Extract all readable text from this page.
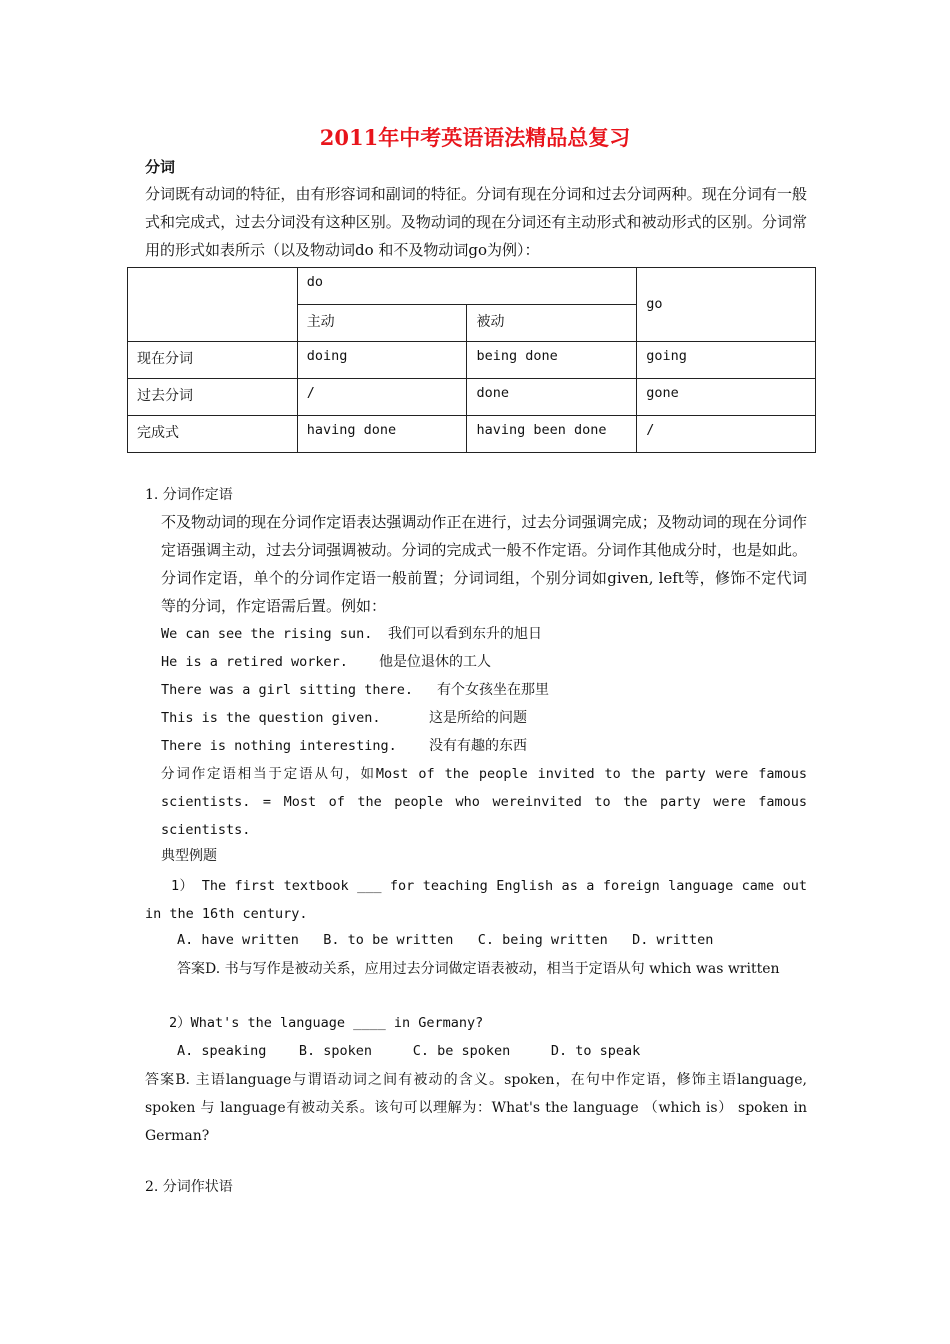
2011年中考英语语法精品总复习
分词
分词既有动词的特征，由有形容词和副词的特征。分词有现在分词和过去分词两种。现在分词有一般式和完成式，过去分词没有这种区别。及物动词的现在分词还有主动形式和被动形式的区别。分词常用的形式如表所示（以及物动词do 和不及物动词go为例）：
	do		go
	主动	被动	
现在分词	doing	being done	going
过去分词	/	done	gone
完成式	having done	having been done	/
1. 分词作定语
不及物动词的现在分词作定语表达强调动作正在进行，过去分词强调完成；及物动词的现在分词作定语强调主动，过去分词强调被动。分词的完成式一般不作定语。分词作其他成分时，也是如此。分词作定语，单个的分词作定语一般前置；分词词组，个别分词如given, left等，修饰不定代词等的分词，作定语需后置。例如：
We can see the rising sun. 我们可以看到东升的旭日
He is a retired worker. 他是位退休的工人
There was a girl sitting there. 有个女孩坐在那里
This is the question given.	这是所给的问题
There is nothing interesting. 没有有趣的东西
分词作定语相当于定语从句，如Most of the people invited to the party were famous scientists. = Most of the people who wereinvited to the party were famous scientists.
典型例题
1） The first textbook ___ for teaching English as a foreign language came out in the 16th century.
A. have written   B. to be written   C. being written   D. written
答案D. 书与写作是被动关系，应用过去分词做定语表被动，相当于定语从句 which was written
2）What's the language ____ in Germany?
A. speaking    B. spoken     C. be spoken     D. to speak
答案B. 主语language与谓语动词之间有被动的含义。spoken，在句中作定语，修饰主语language, spoken 与 language有被动关系。该句可以理解为：What's the language （which is） spoken in German?
2. 分词作状语
